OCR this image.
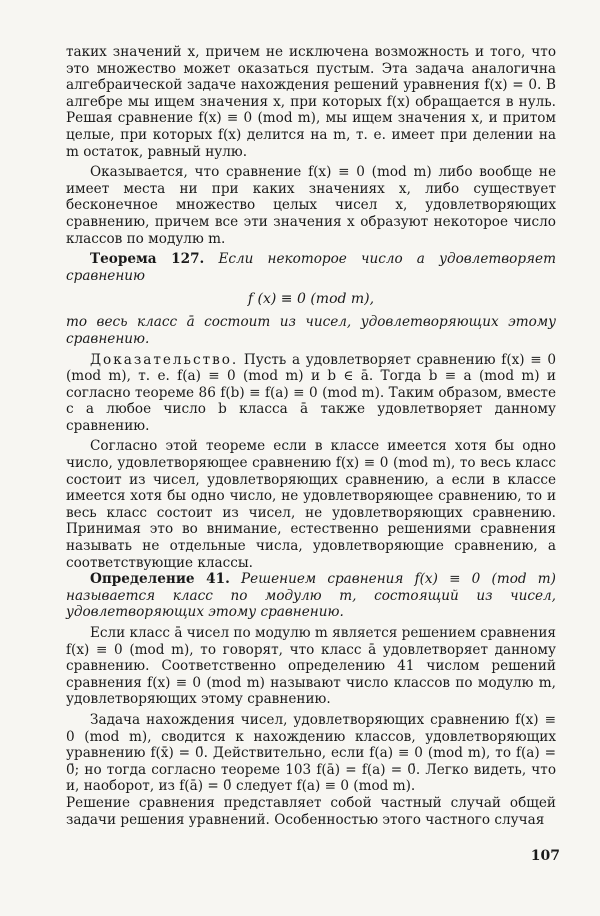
таких значений x, причем не исключена возможность и того, что это множество может оказаться пустым. Эта задача аналогична алгебраической задаче нахождения решений уравнения f(x) = 0. В алгебре мы ищем значения x, при которых f(x) обращается в нуль. Решая сравнение f(x) ≡ 0 (mod m), мы ищем значения x, и притом целые, при которых f(x) делится на m, т. е. имеет при делении на m остаток, равный нулю.

Оказывается, что сравнение f(x) ≡ 0 (mod m) либо вообще не имеет места ни при каких значениях x, либо существует бесконечное множество целых чисел x, удовлетворяющих сравнению, причем все эти значения x образуют некоторое число классов по модулю m.

Теорема 127. Если некоторое число a удовлетворяет сравнению

f (x) ≡ 0 (mod m),

то весь класс ā состоит из чисел, удовлетворяющих этому сравнению.

Доказательство. Пусть a удовлетворяет сравнению f(x) ≡ 0 (mod m), т. е. f(a) ≡ 0 (mod m) и b ∈ ā. Тогда b ≡ a (mod m) и согласно теореме 86 f(b) ≡ f(a) ≡ 0 (mod m). Таким образом, вместе с a любое число b класса ā также удовлетворяет данному сравнению.

Согласно этой теореме если в классе имеется хотя бы одно число, удовлетворяющее сравнению f(x) ≡ 0 (mod m), то весь класс состоит из чисел, удовлетворяющих сравнению, а если в классе имеется хотя бы одно число, не удовлетворяющее сравнению, то и весь класс состоит из чисел, не удовлетворяющих сравнению. Принимая это во внимание, естественно решениями сравнения называть не отдельные числа, удовлетворяющие сравнению, а соответствующие классы.

Определение 41. Решением сравнения f(x) ≡ 0 (mod m) называется класс по модулю m, состоящий из чисел, удовлетворяющих этому сравнению.

Если класс ā чисел по модулю m является решением сравнения f(x) ≡ 0 (mod m), то говорят, что класс ā удовлетворяет данному сравнению. Соответственно определению 41 числом решений сравнения f(x) ≡ 0 (mod m) называют число классов по модулю m, удовлетворяющих этому сравнению.

Задача нахождения чисел, удовлетворяющих сравнению f(x) ≡ 0 (mod m), сводится к нахождению классов, удовлетворяющих уравнению f(x̄) = 0̄. Действительно, если f(a) ≡ 0 (mod m), то f(a) = 0̄; но тогда согласно теореме 103 f(ā) = f(a) = 0̄. Легко видеть, что и, наоборот, из f(ā) = 0̄ следует f(a) ≡ 0 (mod m).

Решение сравнения представляет собой частный случай общей задачи решения уравнений. Особенностью этого частного случая

107
